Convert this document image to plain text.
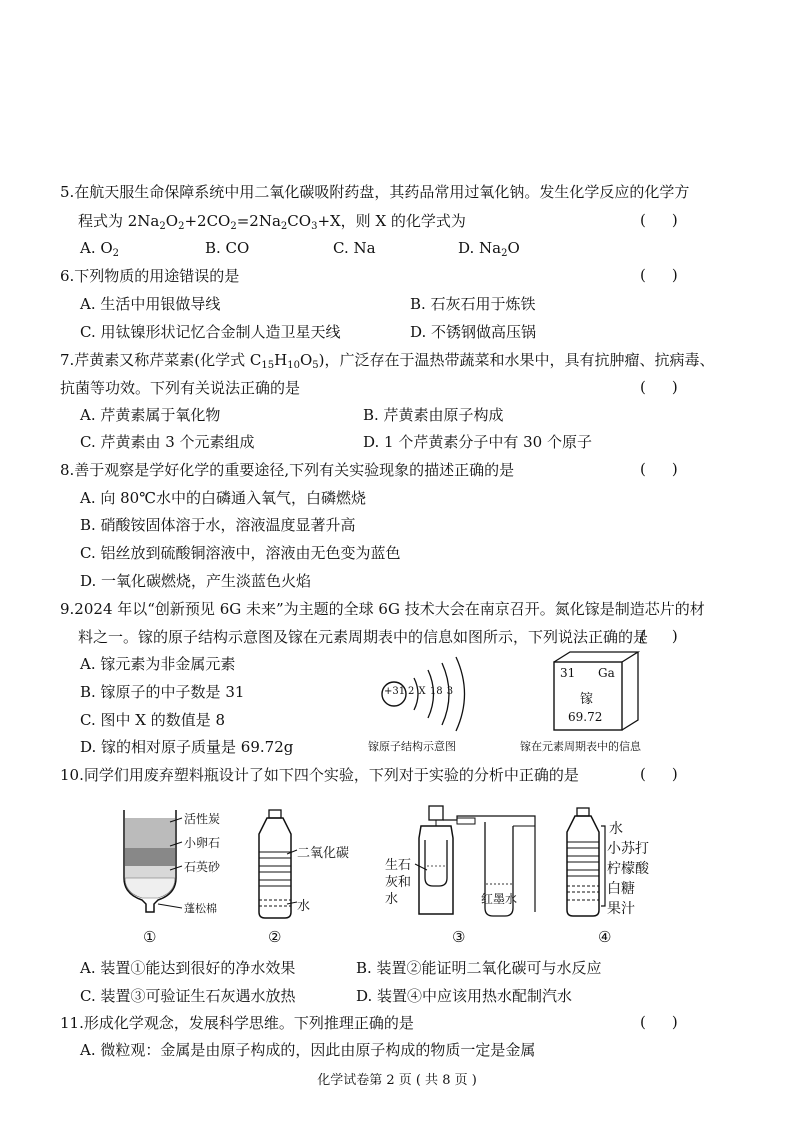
5.在航天服生命保障系统中用二氧化碳吸附药盘，其药品常用过氧化钠。发生化学反应的化学方
程式为 $2Na_2O_2+2CO_2=2Na_2CO_3+X$，则 X 的化学式为	()
A. $O_2$	B. CO	C. Na	D. $Na_2O$
6.下列物质的用途错误的是	()
A. 生活中用银做导线	B. 石灰石用于炼铁
C. 用钛镍形状记忆合金制人造卫星天线	D. 不锈钢做高压锅
7.芹黄素又称芹菜素(化学式 $C_{15}H_{10}O_5$)，广泛存在于温热带蔬菜和水果中，具有抗肿瘤、抗病毒、
抗菌等功效。下列有关说法正确的是	()
A. 芹黄素属于氧化物	B. 芹黄素由原子构成
C. 芹黄素由 3 个元素组成	D. 1 个芹黄素分子中有 30 个原子
8.善于观察是学好化学的重要途径,下列有关实验现象的描述正确的是	()
A. 向 80℃水中的白磷通入氧气，白磷燃烧
B. 硝酸铵固体溶于水，溶液温度显著升高
C. 铝丝放到硫酸铜溶液中，溶液由无色变为蓝色
D. 一氧化碳燃烧，产生淡蓝色火焰
9.2024 年以“创新预见 6G 未来”为主题的全球 6G 技术大会在南京召开。氮化镓是制造芯片的材
料之一。镓的原子结构示意图及镓在元素周期表中的信息如图所示，下列说法正确的是
()
A. 镓元素为非金属元素
B. 镓原子的中子数是 31
C. 图中 X 的数值是 8
D. 镓的相对原子质量是 69.72g
+31 2 X 18 3
镓原子结构示意图
31 Ga
镓
69.72
镓在元素周期表中的信息
10.同学们用废弃塑料瓶设计了如下四个实验，下列对于实验的分析中正确的是	()
活性炭
小卵石
石英砂
蓬松棉
①
二氧化碳
水
②
生石
灰和
水	红墨水
③
水
小苏打
柠檬酸
白糖
果汁
④
A. 装置①能达到很好的净水效果	B. 装置②能证明二氧化碳可与水反应
C. 装置③可验证生石灰遇水放热	D. 装置④中应该用热水配制汽水
11.形成化学观念，发展科学思维。下列推理正确的是	()
A. 微粒观：金属是由原子构成的，因此由原子构成的物质一定是金属
化学试卷第 2 页 ( 共 8 页 )
